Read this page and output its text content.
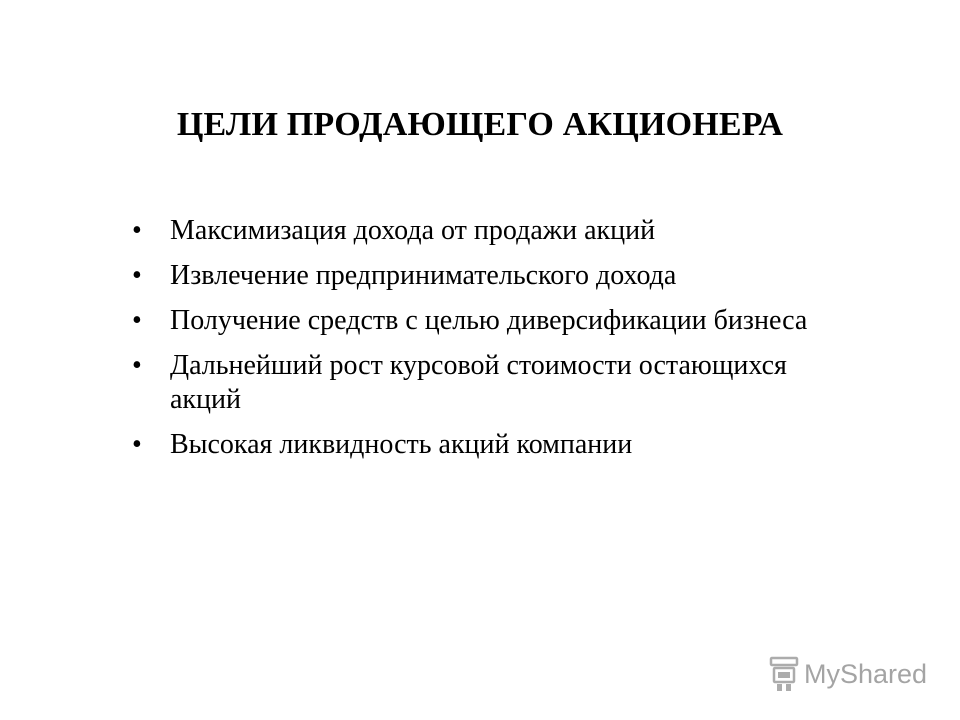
ЦЕЛИ ПРОДАЮЩЕГО АКЦИОНЕРА
•	Максимизация дохода от продажи акций
•	Извлечение предпринимательского дохода
•	Получение средств с целью диверсификации бизнеса
•	Дальнейший рост курсовой стоимости остающихся акций
•	Высокая ликвидность акций компании
MyShared
